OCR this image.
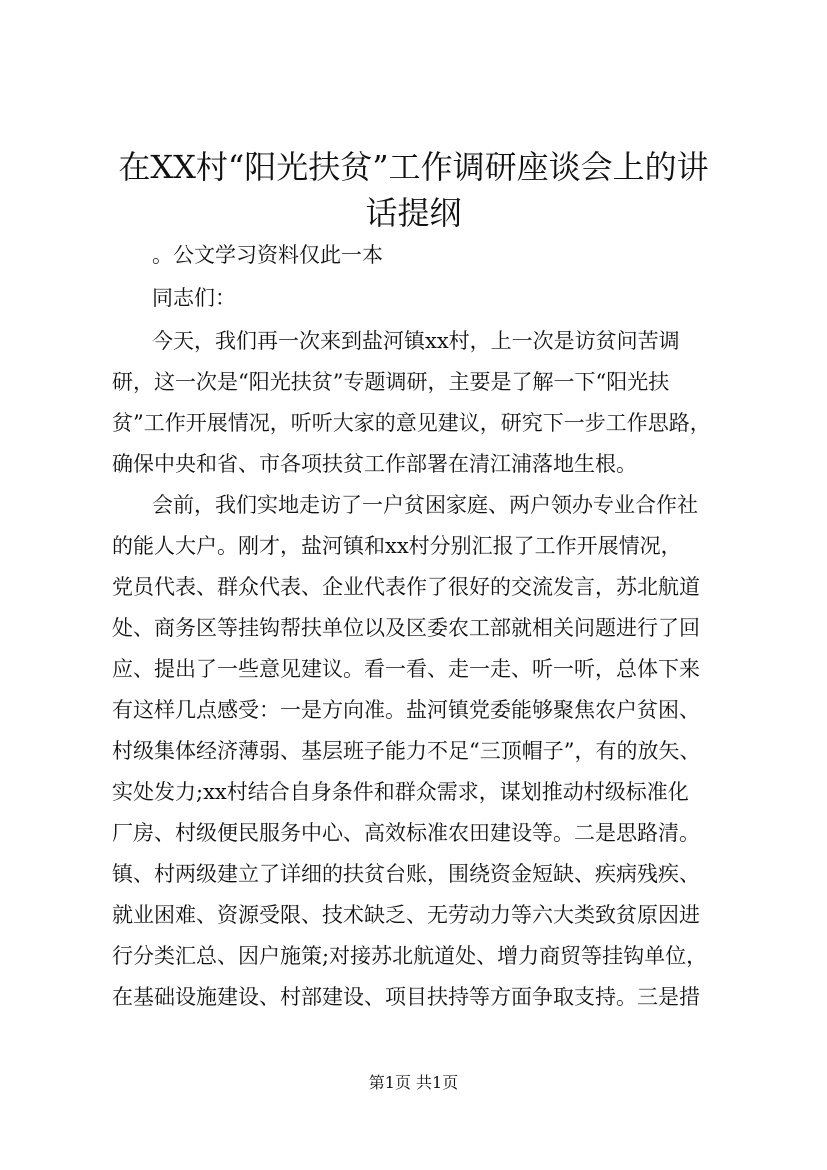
在XX村“阳光扶贫”工作调研座谈会上的讲
话提纲
。公文学习资料仅此一本
同志们：
今天，我们再一次来到盐河镇xx村，上一次是访贫问苦调
研，这一次是“阳光扶贫”专题调研，主要是了解一下“阳光扶
贫”工作开展情况，听听大家的意见建议，研究下一步工作思路，
确保中央和省、市各项扶贫工作部署在清江浦落地生根。
会前，我们实地走访了一户贫困家庭、两户领办专业合作社
的能人大户。刚才，盐河镇和xx村分别汇报了工作开展情况，
党员代表、群众代表、企业代表作了很好的交流发言，苏北航道
处、商务区等挂钩帮扶单位以及区委农工部就相关问题进行了回
应、提出了一些意见建议。看一看、走一走、听一听，总体下来
有这样几点感受：一是方向准。盐河镇党委能够聚焦农户贫困、
村级集体经济薄弱、基层班子能力不足“三顶帽子”，有的放矢、
实处发力;xx村结合自身条件和群众需求，谋划推动村级标准化
厂房、村级便民服务中心、高效标准农田建设等。二是思路清。
镇、村两级建立了详细的扶贫台账，围绕资金短缺、疾病残疾、
就业困难、资源受限、技术缺乏、无劳动力等六大类致贫原因进
行分类汇总、因户施策;对接苏北航道处、增力商贸等挂钩单位，
在基础设施建设、村部建设、项目扶持等方面争取支持。三是措
第1页 共1页
